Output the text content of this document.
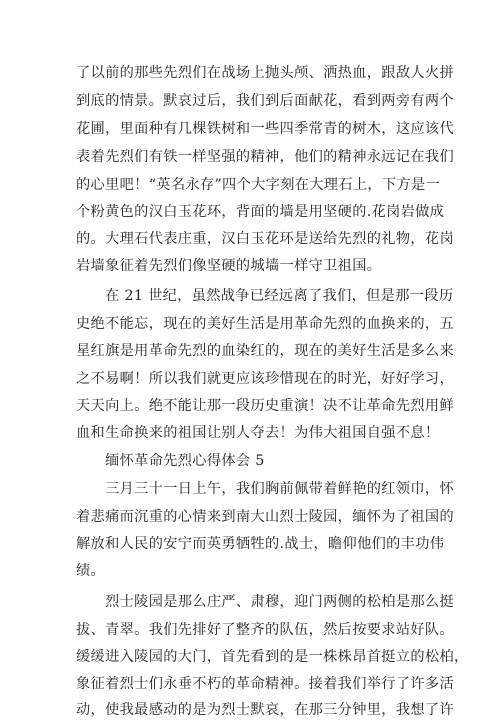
了以前的那些先烈们在战场上抛头颅、洒热血，跟敌人火拼
到底的情景。默哀过后，我们到后面献花，看到两旁有两个
花圃，里面种有几棵铁树和一些四季常青的树木，这应该代
表着先烈们有铁一样坚强的精神，他们的精神永远记在我们
的心里吧！“英名永存”四个大字刻在大理石上，下方是一
个粉黄色的汉白玉花环，背面的墙是用坚硬的.花岗岩做成
的。大理石代表庄重，汉白玉花环是送给先烈的礼物，花岗
岩墙象征着先烈们像坚硬的城墙一样守卫祖国。
　　在 21 世纪，虽然战争已经远离了我们，但是那一段历
史绝不能忘，现在的美好生活是用革命先烈的血换来的，五
星红旗是用革命先烈的血染红的，现在的美好生活是多么来
之不易啊！所以我们就更应该珍惜现在的时光，好好学习，
天天向上。绝不能让那一段历史重演！决不让革命先烈用鲜
血和生命换来的祖国让别人夺去！为伟大祖国自强不息！
　　缅怀革命先烈心得体会 5
　　三月三十一日上午，我们胸前佩带着鲜艳的红领巾，怀
着悲痛而沉重的心情来到南大山烈士陵园，缅怀为了祖国的
解放和人民的安宁而英勇牺牲的.战士，瞻仰他们的丰功伟
绩。
　　烈士陵园是那么庄严、肃穆，迎门两侧的松柏是那么挺
拔、青翠。我们先排好了整齐的队伍，然后按要求站好队。
缓缓进入陵园的大门，首先看到的是一株株昂首挺立的松柏，
象征着烈士们永垂不朽的革命精神。接着我们举行了许多活
动，使我最感动的是为烈士默哀，在那三分钟里，我想了许
